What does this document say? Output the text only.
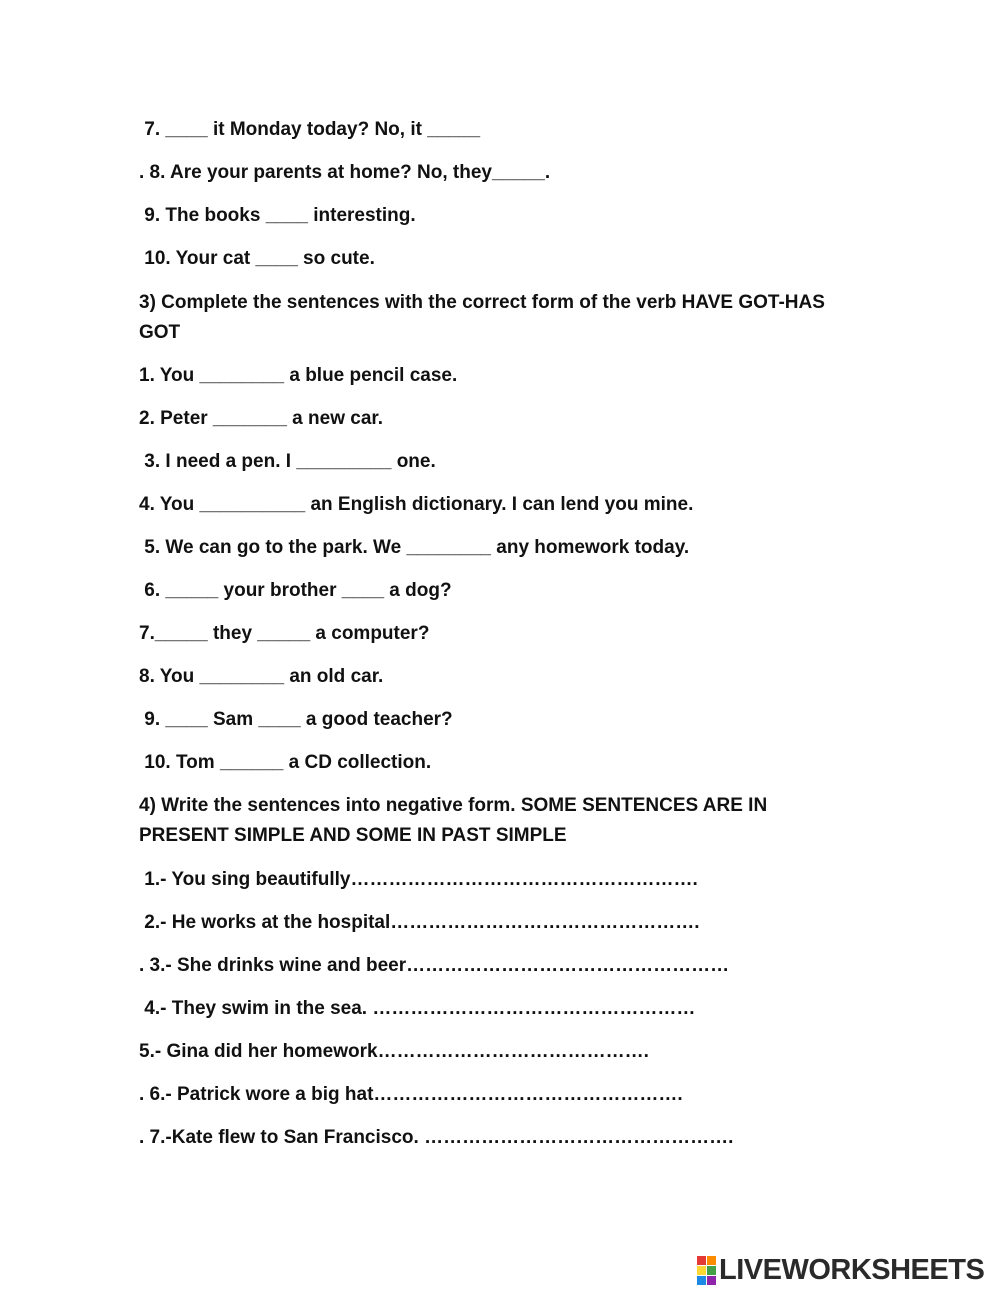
7. ____ it Monday today? No, it _____
. 8. Are your parents at home? No, they_____.
9. The books ____ interesting.
10. Your cat ____ so cute.
3) Complete the sentences with the correct form of the verb HAVE GOT-HAS
GOT
1. You ________ a blue pencil case.
2. Peter _______ a new car.
3. I need a pen. I _________ one.
4. You __________ an English dictionary. I can lend you mine.
5. We can go to the park. We ________ any homework today.
6. _____ your brother ____ a dog?
7._____ they _____ a computer?
8. You ________ an old car.
9. ____ Sam ____ a good teacher?
10. Tom ______ a CD collection.
4) Write the sentences into negative form. SOME SENTENCES ARE IN
PRESENT SIMPLE AND SOME IN PAST SIMPLE
1.- You sing beautifully……………………………………………….
2.- He works at the hospital………………………………………….
. 3.- She drinks wine and beer……………………………………………
4.- They swim in the sea. ……………………………………………
5.- Gina did her homework…………………………………….
. 6.- Patrick wore a big hat………………………………………….
. 7.-Kate flew to San Francisco. ………………………………………….
LIVEWORKSHEETS
